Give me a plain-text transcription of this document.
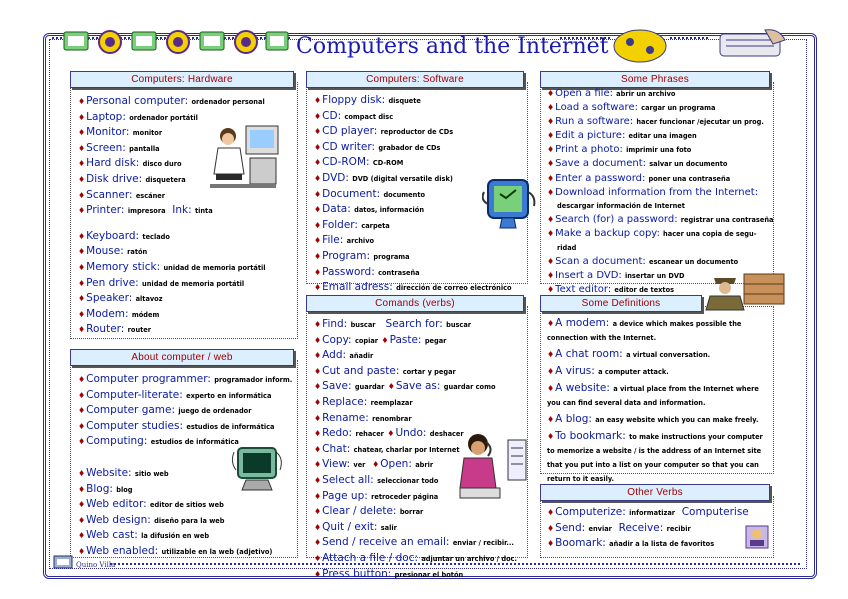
Computers and the Internet
Computers: Hardware
♦Personal computer: ordenador personal
♦Laptop: ordenador portátil
♦Monitor: monitor
♦Screen: pantalla
♦Hard disk: disco duro
♦Disk drive: disquetera
♦Scanner: escáner
♦Printer: impresora Ink: tinta
♦Keyboard: teclado
♦Mouse: ratón
♦Memory stick: unidad de memoria portátil
♦Pen drive: unidad de memoria portátil
♦Speaker: altavoz
♦Modem: módem
♦Router: router
About computer / web
♦Computer programmer: programador inform.
♦Computer-literate: experto en informática
♦Computer game: juego de ordenador
♦Computer studies: estudios de informática
♦Computing: estudios de informática
♦Website: sitio web
♦Blog: blog
♦Web editor: editor de sitios web
♦Web design: diseño para la web
♦Web cast: la difusión en web
♦Web enabled: utilizable en la web (adjetivo)
Computers: Software
♦Floppy disk: disquete
♦CD: compact disc
♦CD player: reproductor de CDs
♦CD writer: grabador de CDs
♦CD-ROM: CD-ROM
♦DVD: DVD (digital versatile disk)
♦Document: documento
♦Data: datos, información
♦Folder: carpeta
♦File: archivo
♦Program: programa
♦Password: contraseña
♦Email adress: dirección de correo electrónico
Comands (verbs)
♦Find: buscar Search for: buscar
♦Copy: copiar ♦Paste: pegar
♦Add: añadir
♦Cut and paste: cortar y pegar
♦Save: guardar ♦Save as: guardar como
♦Replace: reemplazar
♦Rename: renombrar
♦Redo: rehacer ♦Undo: deshacer
♦Chat: chatear, charlar por Internet
♦View: ver ♦Open: abrir
♦Select all: seleccionar todo
♦Page up: retroceder página
♦Clear / delete: borrar
♦Quit / exit: salir
♦Send / receive an email: enviar / recibir...
♦Attach a file / doc: adjuntar un archivo / doc.
♦Press button: presionar el botón
Some Phrases
♦Open a file: abrir un archivo
♦Load a software: cargar un programa
♦Run a software: hacer funcionar /ejecutar un prog.
♦Edit a picture: editar una imagen
♦Print a photo: imprimir una foto
♦Save a document: salvar un documento
♦Enter a password: poner una contraseña
♦Download information from the Internet:
descargar información de Internet
♦Search (for) a password: registrar una contraseña
♦Make a backup copy: hacer una copia de segu-
ridad
♦Scan a document: escanear un documento
♦Insert a DVD: insertar un DVD
♦Text editor: editor de textos
Some Definitions
♦A modem: a device which makes possible the connection with the Internet.
♦A chat room: a virtual conversation.
♦A virus: a computer attack.
♦A website: a virtual place from the Internet where you can find several data and information.
♦A blog: an easy website which you can make freely.
♦To bookmark: to make instructions your computer to memorize a website / is the address of an Internet site that you put into a list on your computer so that you can return to it easily.
Other Verbs
♦Computerize: informatizar Computerise
♦Send: enviar Receive: recibir
♦Boomark: añadir a la lista de favoritos
Quino Villa
